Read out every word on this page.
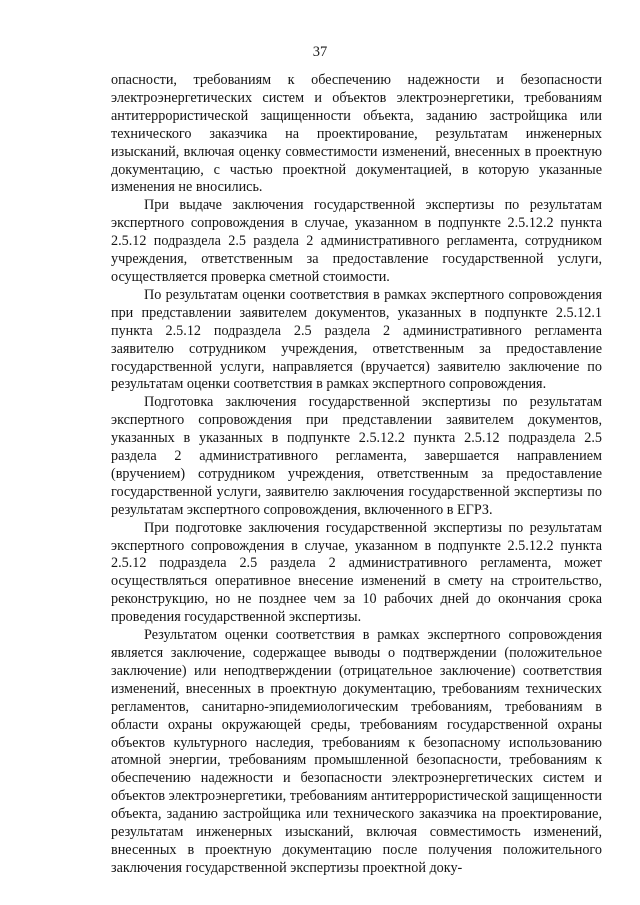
37

опасности, требованиям к обеспечению надежности и безопасности электроэнергетических систем и объектов электроэнергетики, требованиям антитеррористической защищенности объекта, заданию застройщика или технического заказчика на проектирование, результатам инженерных изысканий, включая оценку совместимости изменений, внесенных в проектную документацию, с частью проектной документацией, в которую указанные изменения не вносились.

При выдаче заключения государственной экспертизы по результатам экспертного сопровождения в случае, указанном в подпункте 2.5.12.2 пункта 2.5.12 подраздела 2.5 раздела 2 административного регламента, сотрудником учреждения, ответственным за предоставление государственной услуги, осуществляется проверка сметной стоимости.

По результатам оценки соответствия в рамках экспертного сопровождения при представлении заявителем документов, указанных в подпункте 2.5.12.1 пункта 2.5.12 подраздела 2.5 раздела 2 административного регламента заявителю сотрудником учреждения, ответственным за предоставление государственной услуги, направляется (вручается) заявителю заключение по результатам оценки соответствия в рамках экспертного сопровождения.

Подготовка заключения государственной экспертизы по результатам экспертного сопровождения при представлении заявителем документов, указанных в указанных в подпункте 2.5.12.2 пункта 2.5.12 подраздела 2.5 раздела 2 административного регламента, завершается направлением (вручением) сотрудником учреждения, ответственным за предоставление государственной услуги, заявителю заключения государственной экспертизы по результатам экспертного сопровождения, включенного в ЕГРЗ.

При подготовке заключения государственной экспертизы по результатам экспертного сопровождения в случае, указанном в подпункте 2.5.12.2 пункта 2.5.12 подраздела 2.5 раздела 2 административного регламента, может осуществляться оперативное внесение изменений в смету на строительство, реконструкцию, но не позднее чем за 10 рабочих дней до окончания срока проведения государственной экспертизы.

Результатом оценки соответствия в рамках экспертного сопровождения является заключение, содержащее выводы о подтверждении (положительное заключение) или неподтверждении (отрицательное заключение) соответствия изменений, внесенных в проектную документацию, требованиям технических регламентов, санитарно-эпидемиологическим требованиям, требованиям в области охраны окружающей среды, требованиям государственной охраны объектов культурного наследия, требованиям к безопасному использованию атомной энергии, требованиям промышленной безопасности, требованиям к обеспечению надежности и безопасности электроэнергетических систем и объектов электроэнергетики, требованиям антитеррористической защищенности объекта, заданию застройщика или технического заказчика на проектирование, результатам инженерных изысканий, включая совместимость изменений, внесенных в проектную документацию после получения положительного заключения государственной экспертизы проектной доку-
